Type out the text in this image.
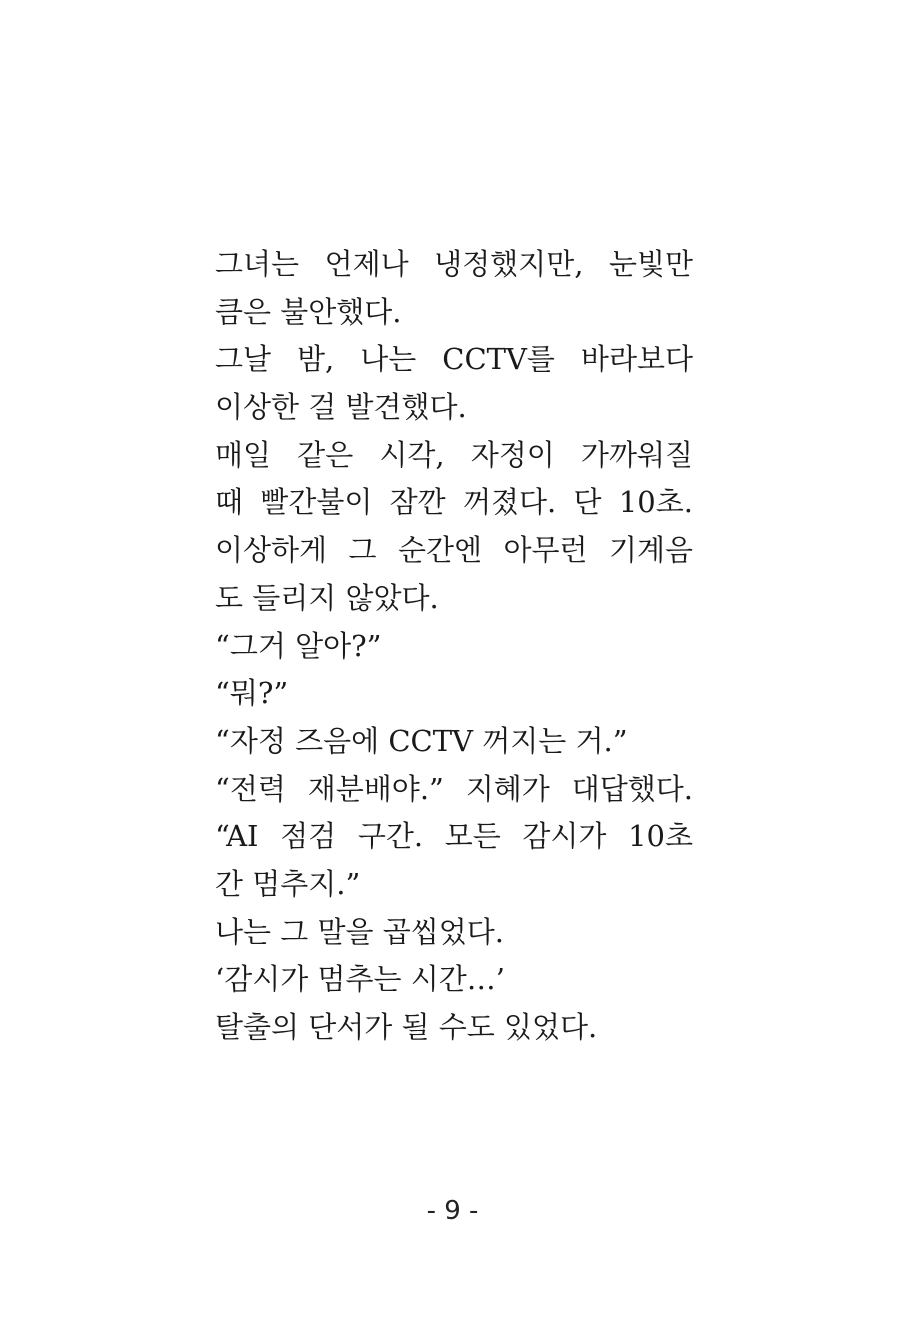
그녀는 언제나 냉정했지만, 눈빛만
큼은 불안했다.
그날 밤, 나는 CCTV를 바라보다
이상한 걸 발견했다.
매일 같은 시각, 자정이 가까워질
때 빨간불이 잠깐 꺼졌다. 단 10초.
이상하게 그 순간엔 아무런 기계음
도 들리지 않았다.
“그거 알아?”
“뭐?”
“자정 즈음에 CCTV 꺼지는 거.”
“전력 재분배야.” 지혜가 대답했다.
“AI 점검 구간. 모든 감시가 10초
간 멈추지.”
나는 그 말을 곱씹었다.
‘감시가 멈추는 시간…’
탈출의 단서가 될 수도 있었다.
- 9 -
